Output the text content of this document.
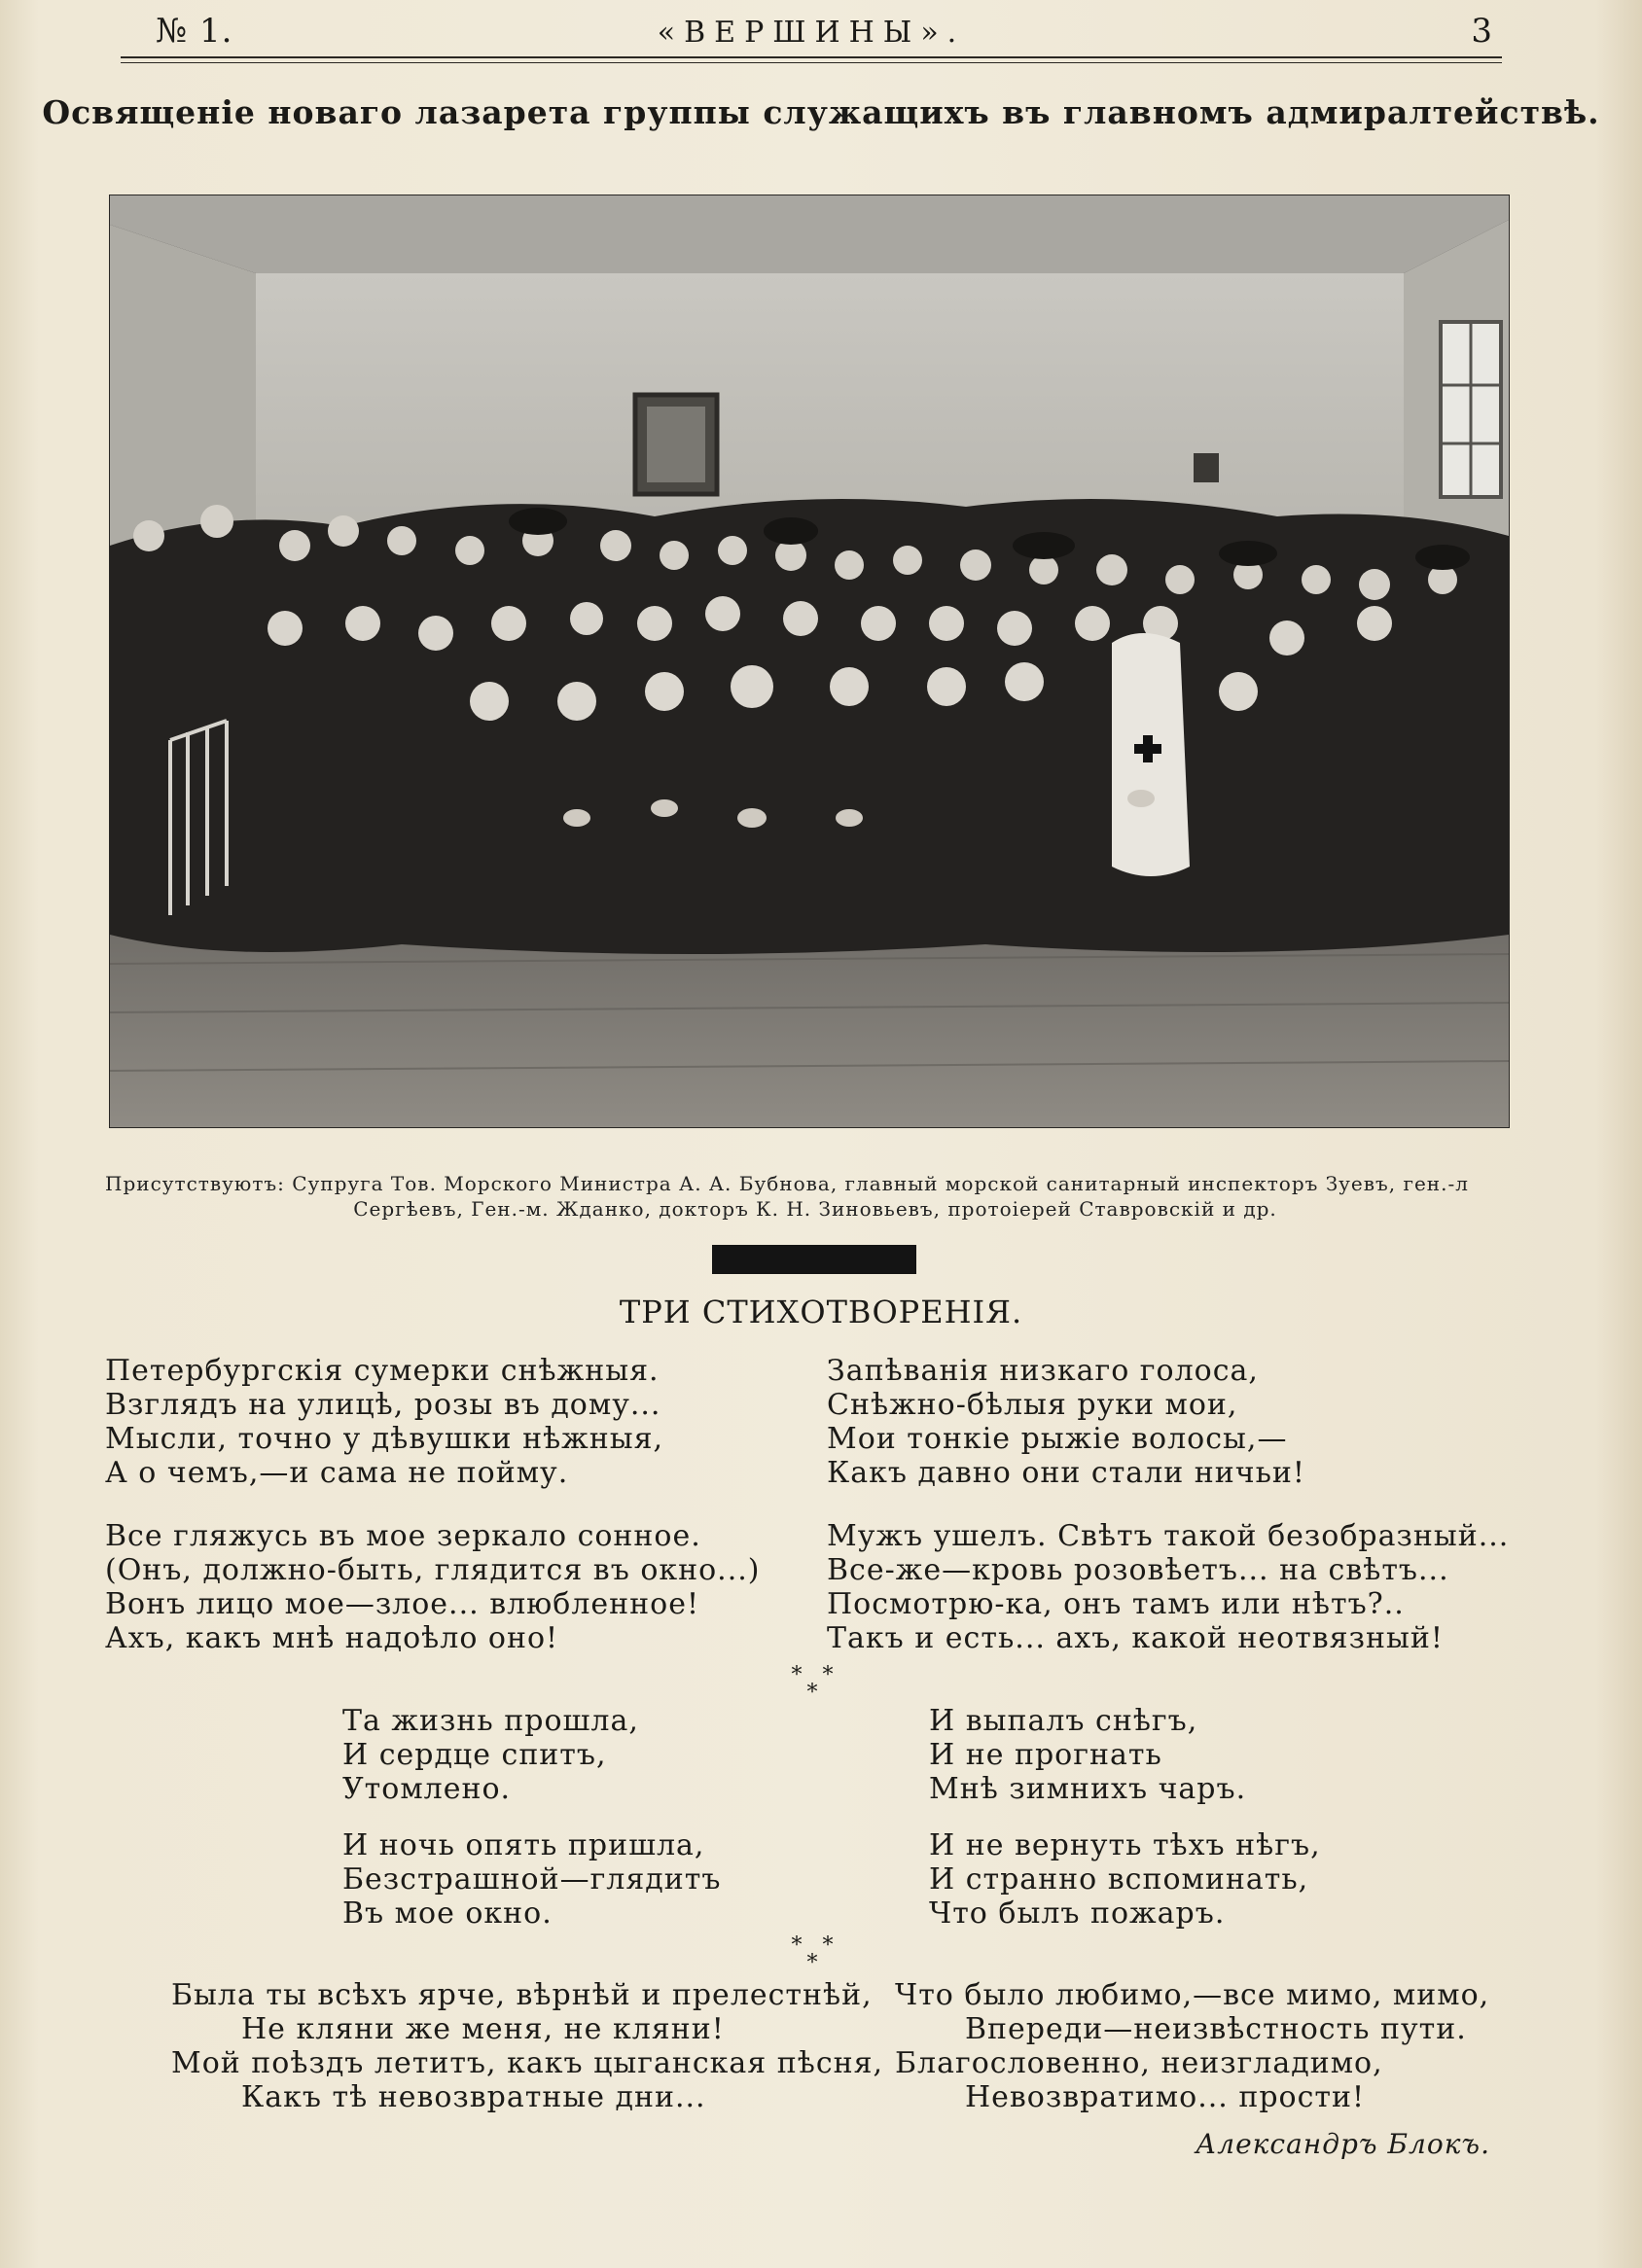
№ 1.	«ВЕРШИНЫ».	3
Освященіе новаго лазарета группы служащихъ въ главномъ адмиралтействѣ.
Присутствуютъ: Супруга Тов. Морского Министра А. А. Бубнова, главный морской санитарный инспекторъ Зуевъ, ген.-л
Сергѣевъ, Ген.-м. Жданко, докторъ К. Н. Зиновьевъ, протоіерей Ставровскій и др.
ТРИ СТИХОТВОРЕНІЯ.
Петербургскія сумерки снѣжныя.
Взглядъ на улицѣ, розы въ дому...
Мысли, точно у дѣвушки нѣжныя,
А о чемъ,—и сама не пойму.
Все гляжусь въ мое зеркало сонное.
(Онъ, должно-быть, глядится въ окно...)
Вонъ лицо мое—злое... влюбленное!
Ахъ, какъ мнѣ надоѣло оно!
Запѣванія низкаго голоса,
Снѣжно-бѣлыя руки мои,
Мои тонкіе рыжіе волосы,—
Какъ давно они стали ничьи!
Мужъ ушелъ. Свѣтъ такой безобразный...
Все-же—кровь розовѣетъ... на свѣтъ...
Посмотрю-ка, онъ тамъ или нѣтъ?..
Такъ и есть... ахъ, какой неотвязный!
* *
*
Та жизнь прошла,
И сердце спитъ,
Утомлено.
И ночь опять пришла,
Безстрашной—глядитъ
Въ мое окно.
И выпалъ снѣгъ,
И не прогнать
Мнѣ зимнихъ чаръ.
И не вернуть тѣхъ нѣгъ,
И странно вспоминать,
Что былъ пожаръ.
* *
*
Была ты всѣхъ ярче, вѣрнѣй и прелестнѣй,
Не кляни же меня, не кляни!
Мой поѣздъ летитъ, какъ цыганская пѣсня,
Какъ тѣ невозвратные дни...
Что было любимо,—все мимо, мимо,
Впереди—неизвѣстность пути.
Благословенно, неизгладимо,
Невозвратимо... прости!
Александръ Блокъ.
